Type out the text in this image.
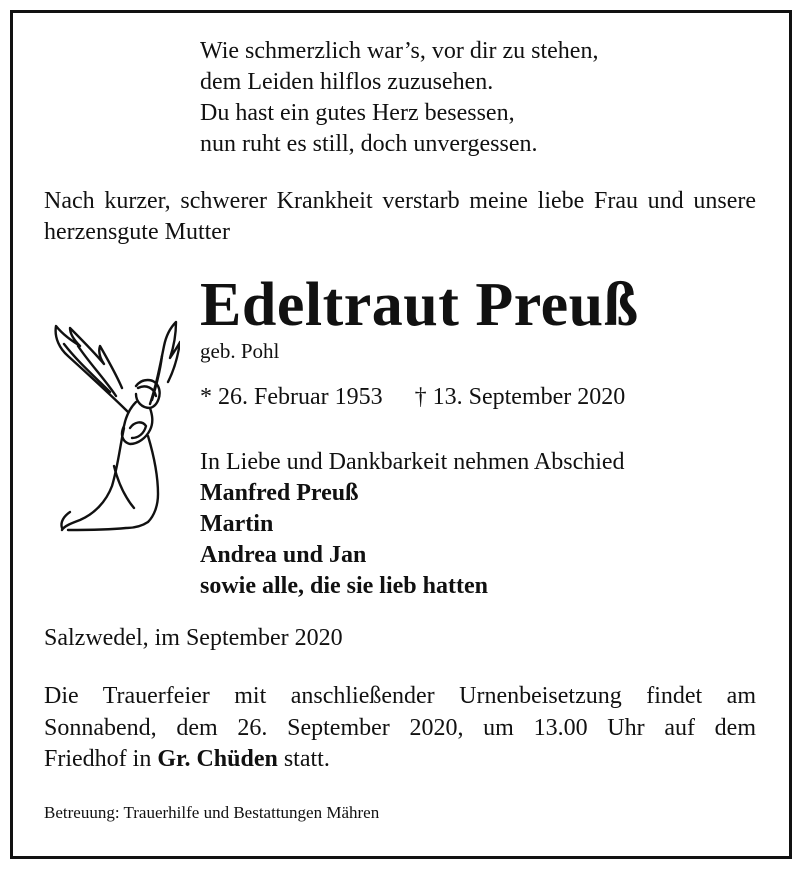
Wie schmerzlich war’s, vor dir zu stehen,
dem Leiden hilflos zuzusehen.
Du hast ein gutes Herz besessen,
nun ruht es still, doch unvergessen.
Nach kurzer, schwerer Krankheit verstarb meine liebe Frau und unsere herzensgute Mutter
Edeltraut Preuß
geb. Pohl
* 26. Februar 1953 † 13. September 2020
In Liebe und Dankbarkeit nehmen Abschied
Manfred Preuß
Martin
Andrea und Jan
sowie alle, die sie lieb hatten
Salzwedel, im September 2020
Die Trauerfeier mit anschließender Urnenbeisetzung findet am
Sonnabend, dem 26. September 2020, um 13.00 Uhr auf dem
Friedhof in Gr. Chüden statt.
Betreuung: Trauerhilfe und Bestattungen Mähren
